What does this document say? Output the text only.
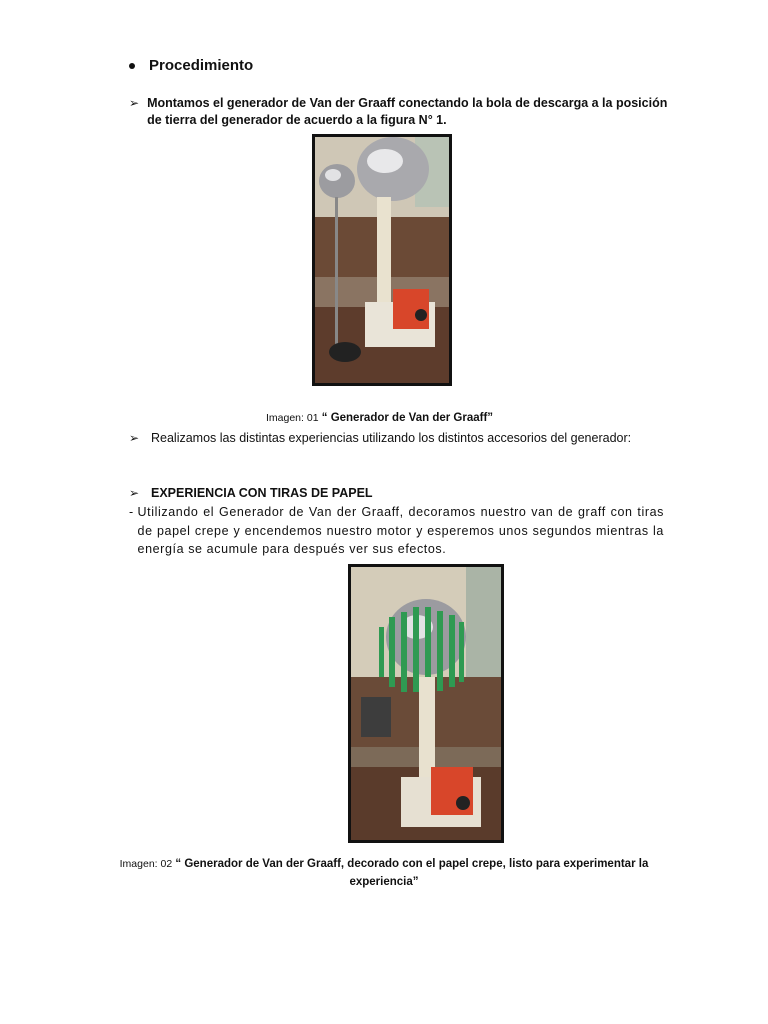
Procedimiento
➢ Montamos el generador de Van der Graaff conectando la bola de descarga a la posición de tierra del generador de acuerdo a la figura N° 1.
Imagen: 01 “ Generador de Van der Graaff”
➢ Realizamos las distintas experiencias utilizando los distintos accesorios del generador:
➢ EXPERIENCIA CON TIRAS DE PAPEL
- Utilizando el Generador de Van der Graaff, decoramos nuestro van de graff con tiras de papel crepe y encendemos nuestro motor y esperemos unos segundos mientras la energía se acumule para después ver sus efectos.
Imagen: 02 “ Generador de Van der Graaff, decorado con el papel crepe, listo para experimentar la experiencia”
